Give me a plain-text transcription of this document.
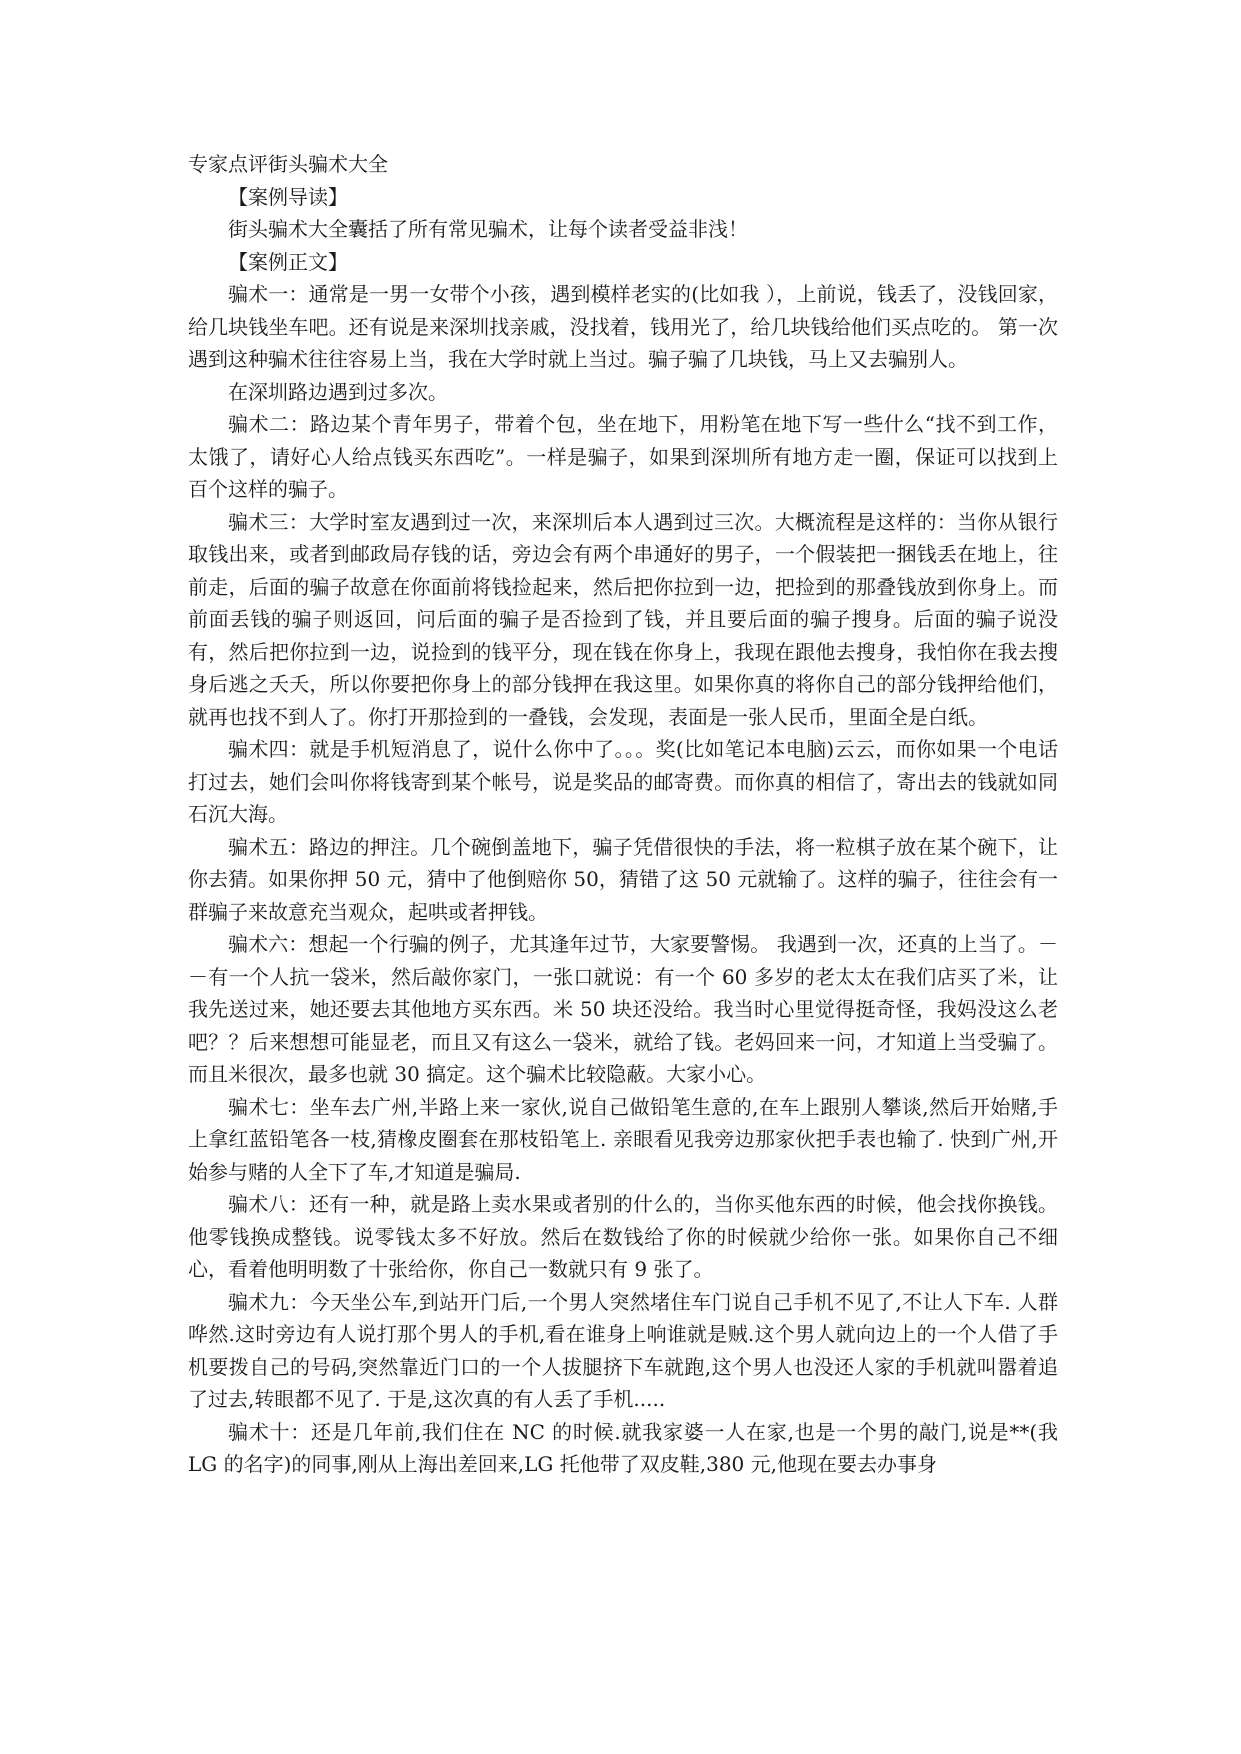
专家点评街头骗术大全

【案例导读】

街头骗术大全囊括了所有常见骗术，让每个读者受益非浅！

【案例正文】

骗术一：通常是一男一女带个小孩，遇到模样老实的(比如我 ），上前说，钱丢了，没钱回家，给几块钱坐车吧。还有说是来深圳找亲戚，没找着，钱用光了，给几块钱给他们买点吃的。 第一次遇到这种骗术往往容易上当，我在大学时就上当过。骗子骗了几块钱，马上又去骗别人。

在深圳路边遇到过多次。

骗术二：路边某个青年男子，带着个包，坐在地下，用粉笔在地下写一些什么“找不到工作，太饿了，请好心人给点钱买东西吃”。一样是骗子，如果到深圳所有地方走一圈，保证可以找到上百个这样的骗子。

骗术三：大学时室友遇到过一次，来深圳后本人遇到过三次。大概流程是这样的：当你从银行取钱出来，或者到邮政局存钱的话，旁边会有两个串通好的男子，一个假装把一捆钱丢在地上，往前走，后面的骗子故意在你面前将钱捡起来，然后把你拉到一边，把捡到的那叠钱放到你身上。而前面丢钱的骗子则返回，问后面的骗子是否捡到了钱，并且要后面的骗子搜身。后面的骗子说没有，然后把你拉到一边，说捡到的钱平分，现在钱在你身上，我现在跟他去搜身，我怕你在我去搜身后逃之夭夭，所以你要把你身上的部分钱押在我这里。如果你真的将你自己的部分钱押给他们，就再也找不到人了。你打开那捡到的一叠钱，会发现，表面是一张人民币，里面全是白纸。

骗术四：就是手机短消息了，说什么你中了。。。奖(比如笔记本电脑)云云，而你如果一个电话打过去，她们会叫你将钱寄到某个帐号，说是奖品的邮寄费。而你真的相信了，寄出去的钱就如同石沉大海。

骗术五：路边的押注。几个碗倒盖地下，骗子凭借很快的手法，将一粒棋子放在某个碗下，让你去猜。如果你押 50 元，猜中了他倒赔你 50，猜错了这 50 元就输了。这样的骗子，往往会有一群骗子来故意充当观众，起哄或者押钱。

骗术六：想起一个行骗的例子，尤其逢年过节，大家要警惕。 我遇到一次，还真的上当了。－－有一个人抗一袋米，然后敲你家门，一张口就说：有一个 60 多岁的老太太在我们店买了米，让我先送过来，她还要去其他地方买东西。米 50 块还没给。我当时心里觉得挺奇怪，我妈没这么老吧？？后来想想可能显老，而且又有这么一袋米，就给了钱。老妈回来一问，才知道上当受骗了。而且米很次，最多也就 30 搞定。这个骗术比较隐蔽。大家小心。

骗术七：坐车去广州,半路上来一家伙,说自己做铅笔生意的,在车上跟别人攀谈,然后开始赌,手上拿红蓝铅笔各一枝,猜橡皮圈套在那枝铅笔上. 亲眼看见我旁边那家伙把手表也输了. 快到广州,开始参与赌的人全下了车,才知道是骗局.

骗术八：还有一种，就是路上卖水果或者别的什么的，当你买他东西的时候，他会找你换钱。他零钱换成整钱。说零钱太多不好放。然后在数钱给了你的时候就少给你一张。如果你自己不细心，看着他明明数了十张给你，你自己一数就只有 9 张了。

骗术九：今天坐公车,到站开门后,一个男人突然堵住车门说自己手机不见了,不让人下车. 人群哗然.这时旁边有人说打那个男人的手机,看在谁身上响谁就是贼.这个男人就向边上的一个人借了手机要拨自己的号码,突然靠近门口的一个人拔腿挤下车就跑,这个男人也没还人家的手机就叫嚣着追了过去,转眼都不见了. 于是,这次真的有人丢了手机.....

骗术十：还是几年前,我们住在 NC 的时候.就我家婆一人在家,也是一个男的敲门,说是**(我 LG 的名字)的同事,刚从上海出差回来,LG 托他带了双皮鞋,380 元,他现在要去办事身
